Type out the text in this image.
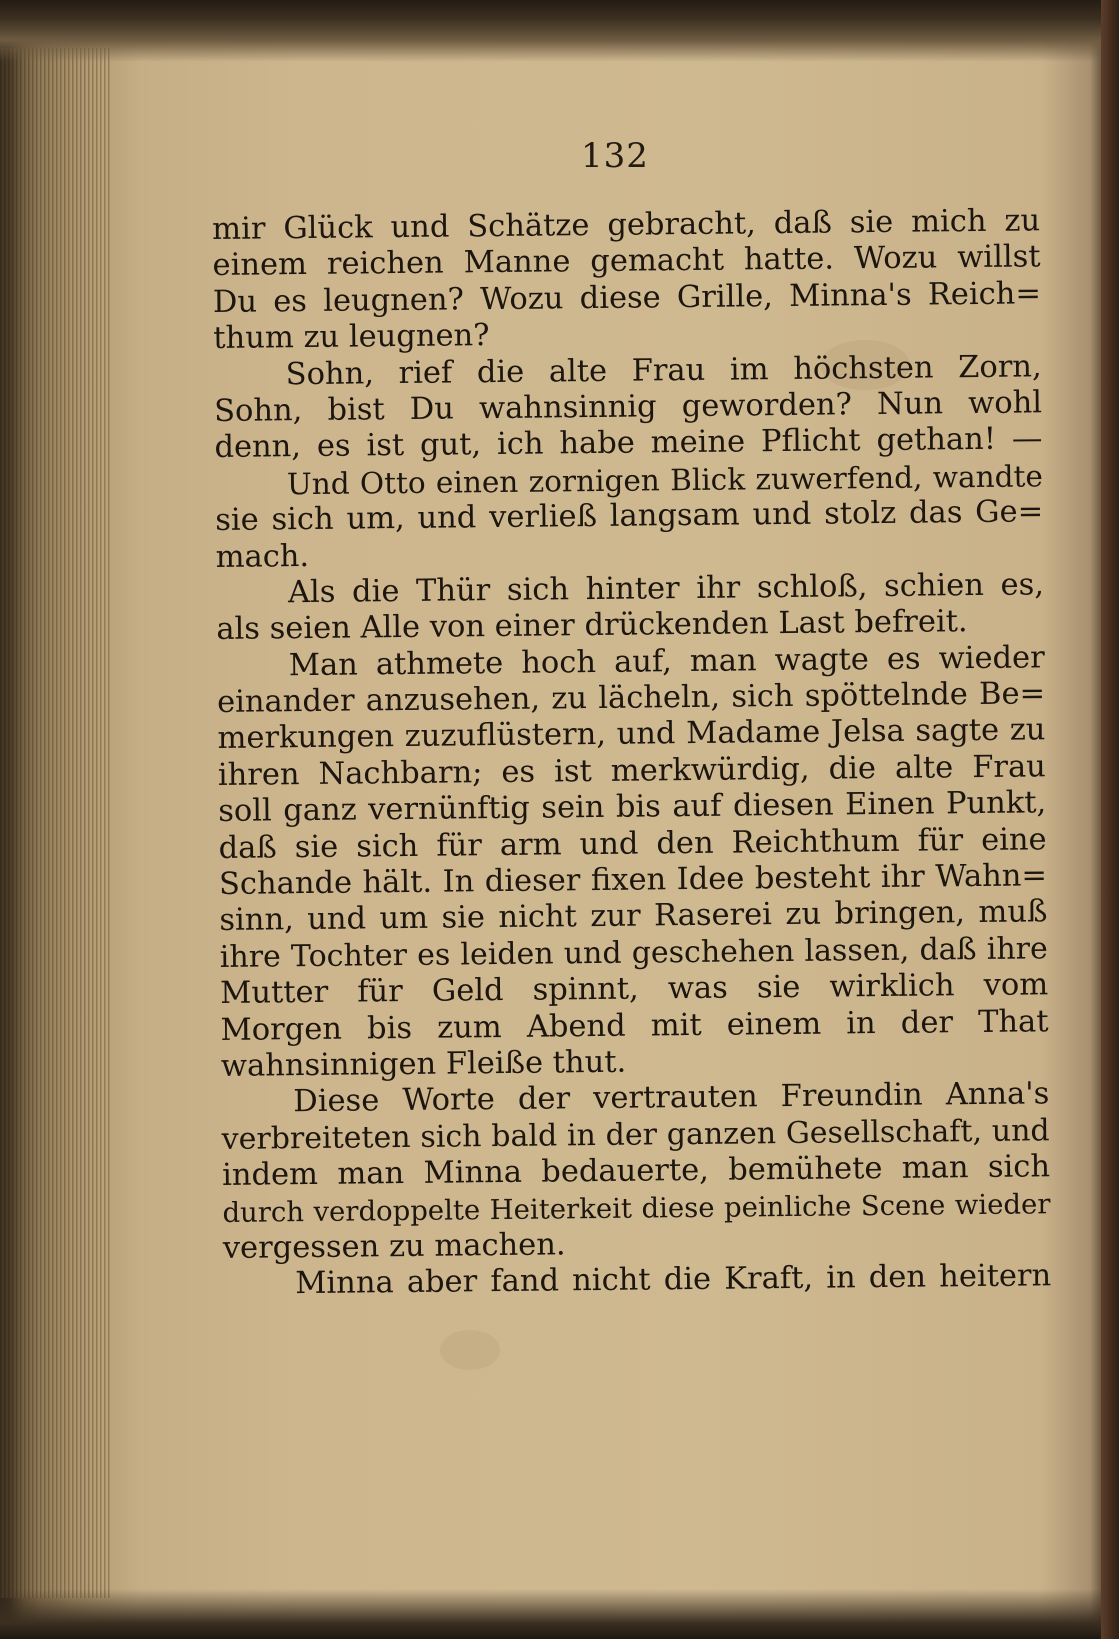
132
mir Glück und Schätze gebracht, daß sie mich zu
einem reichen Manne gemacht hatte. Wozu willst
Du es leugnen? Wozu diese Grille, Minna's Reich=
thum zu leugnen?
Sohn, rief die alte Frau im höchsten Zorn,
Sohn, bist Du wahnsinnig geworden? Nun wohl
denn, es ist gut, ich habe meine Pflicht gethan! —
Und Otto einen zornigen Blick zuwerfend, wandte
sie sich um, und verließ langsam und stolz das Ge=
mach.
Als die Thür sich hinter ihr schloß, schien es,
als seien Alle von einer drückenden Last befreit.
Man athmete hoch auf, man wagte es wieder
einander anzusehen, zu lächeln, sich spöttelnde Be=
merkungen zuzuflüstern, und Madame Jelsa sagte zu
ihren Nachbarn; es ist merkwürdig, die alte Frau
soll ganz vernünftig sein bis auf diesen Einen Punkt,
daß sie sich für arm und den Reichthum für eine
Schande hält. In dieser fixen Idee besteht ihr Wahn=
sinn, und um sie nicht zur Raserei zu bringen, muß
ihre Tochter es leiden und geschehen lassen, daß ihre
Mutter für Geld spinnt, was sie wirklich vom
Morgen bis zum Abend mit einem in der That
wahnsinnigen Fleiße thut.
Diese Worte der vertrauten Freundin Anna's
verbreiteten sich bald in der ganzen Gesellschaft, und
indem man Minna bedauerte, bemühete man sich
durch verdoppelte Heiterkeit diese peinliche Scene wieder
vergessen zu machen.
Minna aber fand nicht die Kraft, in den heitern
